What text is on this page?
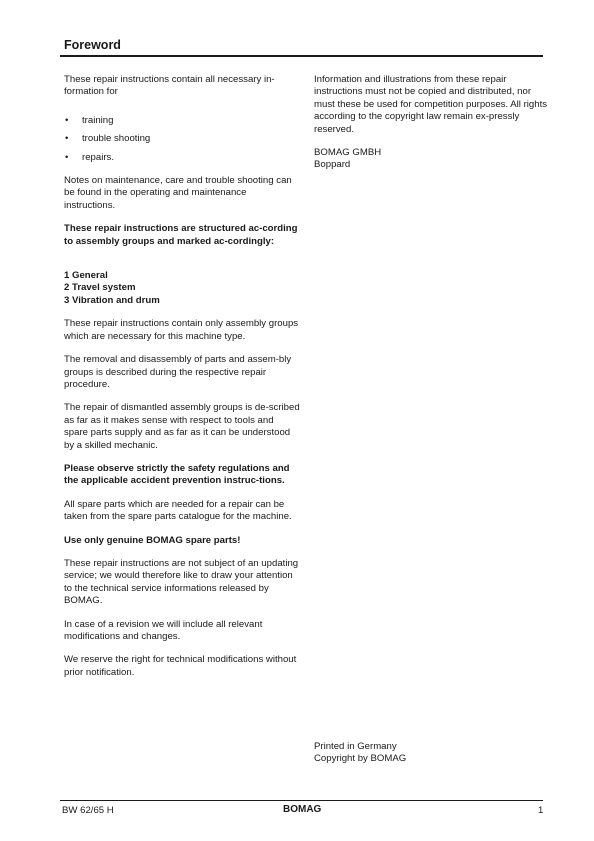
Foreword

These repair instructions contain all necessary in-formation for

• training
• trouble shooting
• repairs.

Notes on maintenance, care and trouble shooting can be found in the operating and maintenance instructions.

These repair instructions are structured ac-cording to assembly groups and marked ac-cordingly:

1 General
2 Travel system
3 Vibration and drum

These repair instructions contain only assembly groups which are necessary for this machine type.

The removal and disassembly of parts and assem-bly groups is described during the respective repair procedure.

The repair of dismantled assembly groups is de-scribed as far as it makes sense with respect to tools and spare parts supply and as far as it can be understood by a skilled mechanic.

Please observe strictly the safety regulations and the applicable accident prevention instruc-tions.

All spare parts which are needed for a repair can be taken from the spare parts catalogue for the machine.

Use only genuine BOMAG spare parts!

These repair instructions are not subject of an updating service; we would therefore like to draw your attention to the technical service informations released by BOMAG.

In case of a revision we will include all relevant modifications and changes.

We reserve the right for technical modifications without prior notification.

Information and illustrations from these repair instructions must not be copied and distributed, nor must these be used for competition purposes. All rights according to the copyright law remain ex-pressly reserved.

BOMAG GMBH
Boppard
Printed in Germany
Copyright by BOMAG
BW 62/65 H	BOMAG	1
